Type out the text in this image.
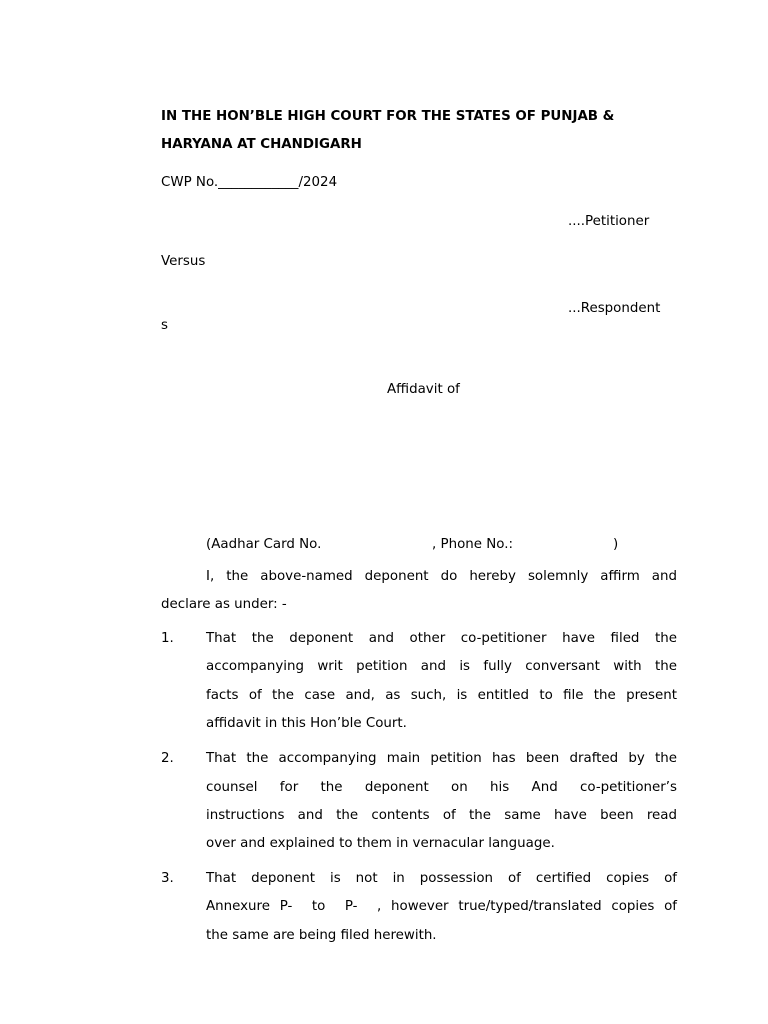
IN THE HON’BLE HIGH COURT FOR THE STATES OF PUNJAB &
HARYANA AT CHANDIGARH
CWP No.____________/2024
....Petitioner
Versus
...Respondent
s
Affidavit of
(Aadhar Card No.	, Phone No.:	)
I, the above-named deponent do hereby solemnly affirm and
declare as under: -
1. That the deponent and other co-petitioner have filed the
accompanying writ petition and is fully conversant with the
facts of the case and, as such, is entitled to file the present
affidavit in this Hon’ble Court.
2. That the accompanying main petition has been drafted by the
counsel for the deponent on his And co-petitioner’s
instructions and the contents of the same have been read
over and explained to them in vernacular language.
3. That deponent is not in possession of certified copies of
Annexure P-  to  P-  , however true/typed/translated copies of
the same are being filed herewith.
